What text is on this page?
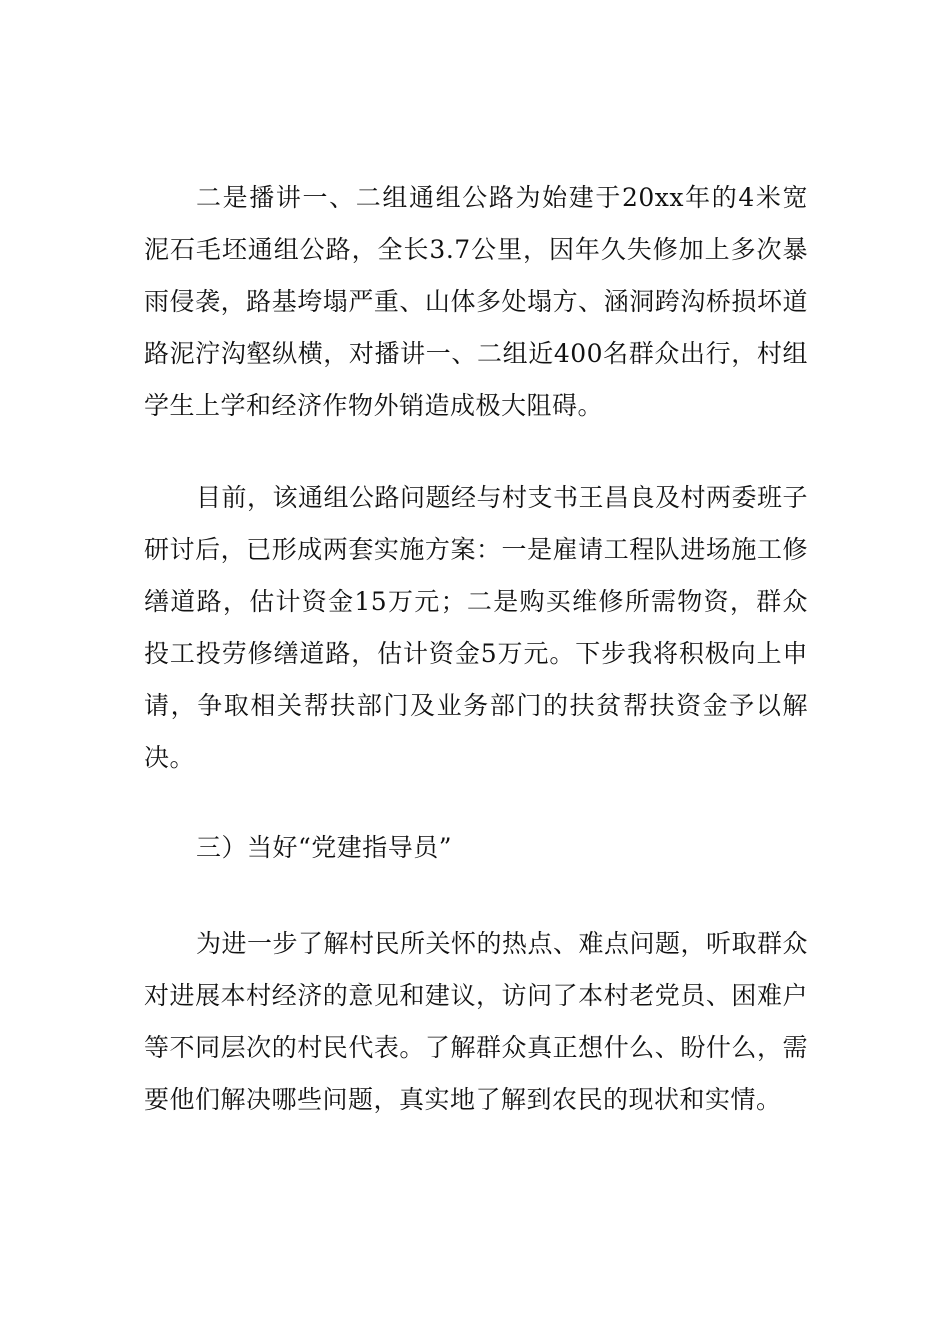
二是播讲一、二组通组公路为始建于20xx年的4米宽泥石毛坯通组公路，全长3.7公里，因年久失修加上多次暴雨侵袭，路基垮塌严重、山体多处塌方、涵洞跨沟桥损坏道路泥泞沟壑纵横，对播讲一、二组近400名群众出行，村组学生上学和经济作物外销造成极大阻碍。

目前，该通组公路问题经与村支书王昌良及村两委班子研讨后，已形成两套实施方案：一是雇请工程队进场施工修缮道路，估计资金15万元；二是购买维修所需物资，群众投工投劳修缮道路，估计资金5万元。下步我将积极向上申请，争取相关帮扶部门及业务部门的扶贫帮扶资金予以解决。

三）当好“党建指导员”

为进一步了解村民所关怀的热点、难点问题，听取群众对进展本村经济的意见和建议，访问了本村老党员、困难户等不同层次的村民代表。了解群众真正想什么、盼什么，需要他们解决哪些问题，真实地了解到农民的现状和实情。
